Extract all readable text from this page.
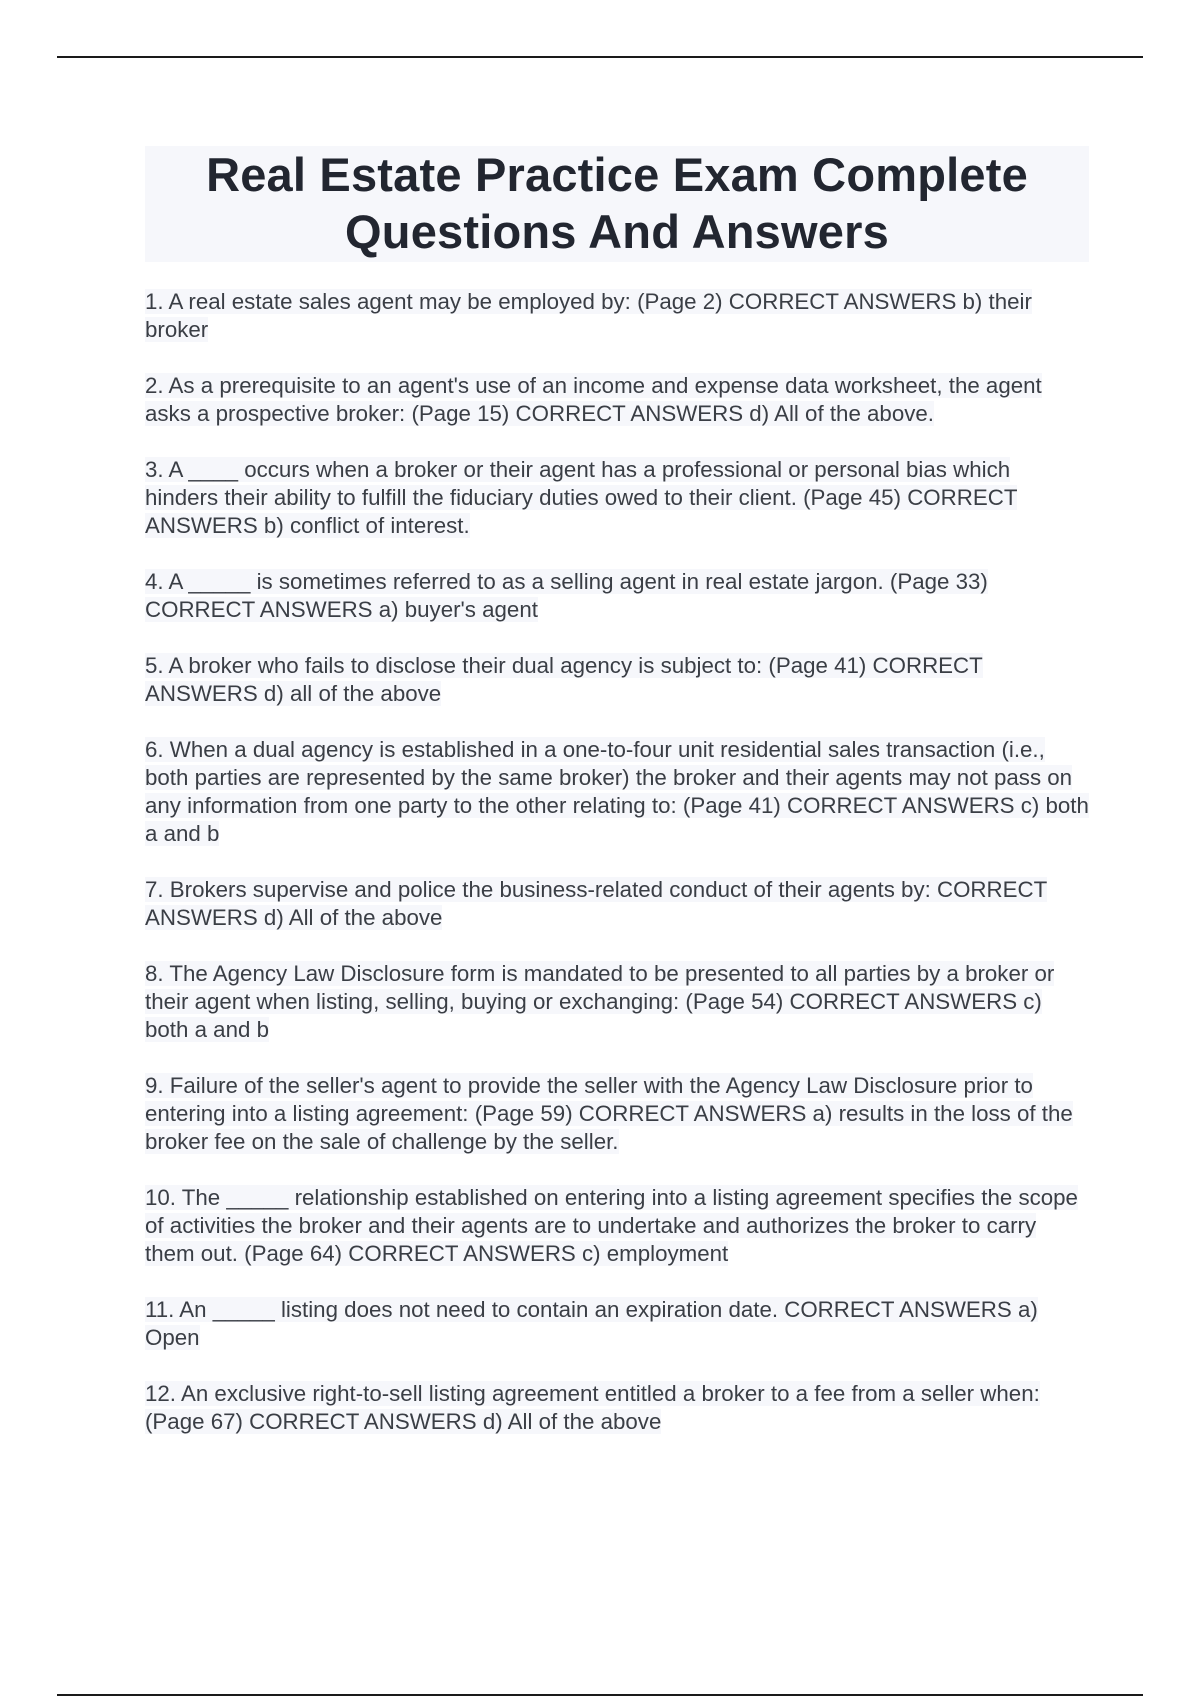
Real Estate Practice Exam Complete Questions And Answers
1. A real estate sales agent may be employed by: (Page 2) CORRECT ANSWERS b) their broker
2. As a prerequisite to an agent's use of an income and expense data worksheet, the agent asks a prospective broker: (Page 15) CORRECT ANSWERS d) All of the above.
3. A ____ occurs when a broker or their agent has a professional or personal bias which hinders their ability to fulfill the fiduciary duties owed to their client. (Page 45) CORRECT ANSWERS b) conflict of interest.
4. A _____ is sometimes referred to as a selling agent in real estate jargon. (Page 33) CORRECT ANSWERS a) buyer's agent
5. A broker who fails to disclose their dual agency is subject to: (Page 41) CORRECT ANSWERS d) all of the above
6. When a dual agency is established in a one-to-four unit residential sales transaction (i.e., both parties are represented by the same broker) the broker and their agents may not pass on any information from one party to the other relating to: (Page 41) CORRECT ANSWERS c) both a and b
7. Brokers supervise and police the business-related conduct of their agents by: CORRECT ANSWERS d) All of the above
8. The Agency Law Disclosure form is mandated to be presented to all parties by a broker or their agent when listing, selling, buying or exchanging: (Page 54) CORRECT ANSWERS c) both a and b
9. Failure of the seller's agent to provide the seller with the Agency Law Disclosure prior to entering into a listing agreement: (Page 59) CORRECT ANSWERS a) results in the loss of the broker fee on the sale of challenge by the seller.
10. The _____ relationship established on entering into a listing agreement specifies the scope of activities the broker and their agents are to undertake and authorizes the broker to carry them out. (Page 64) CORRECT ANSWERS c) employment
11. An _____ listing does not need to contain an expiration date. CORRECT ANSWERS a) Open
12. An exclusive right-to-sell listing agreement entitled a broker to a fee from a seller when: (Page 67) CORRECT ANSWERS d) All of the above
